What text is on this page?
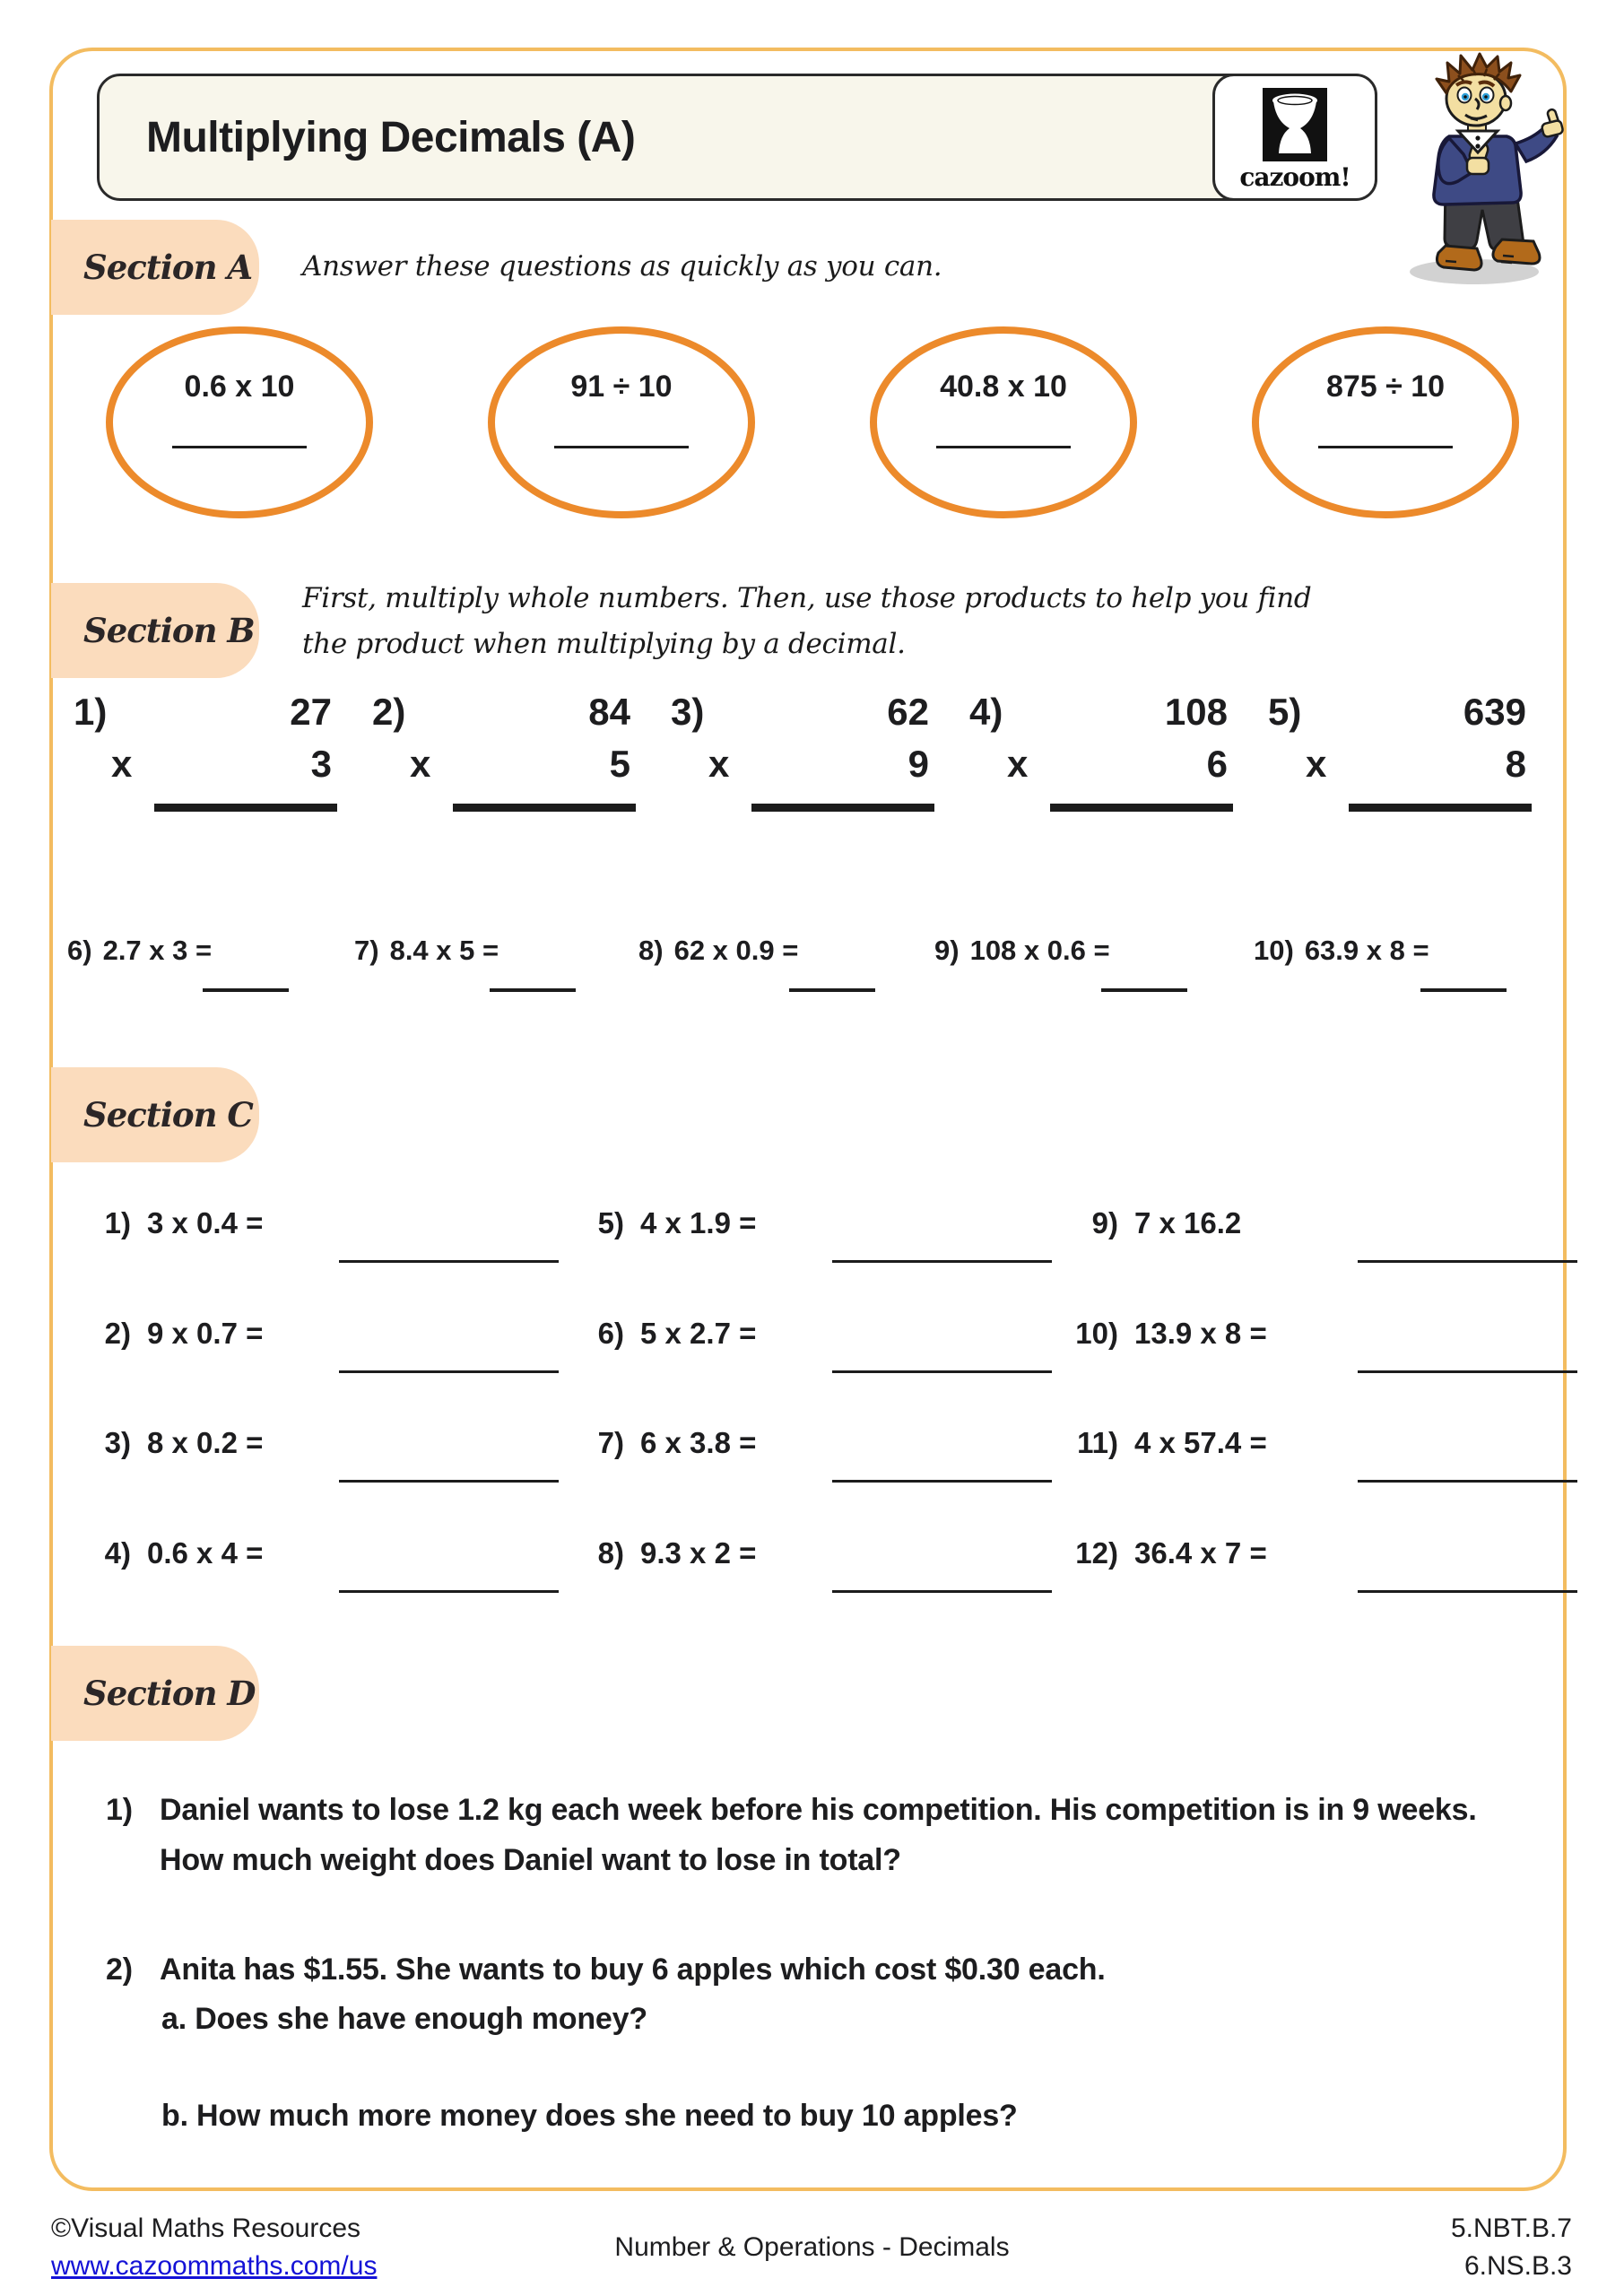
Multiplying Decimals (A)
cazoom!
Section A Answer these questions as quickly as you can.
0.6 x 10	91 ÷ 10	40.8 x 10	875 ÷ 10
Section B
First, multiply whole numbers. Then, use those products to help you find
the product when multiplying by a decimal.
1)	27
x	3
2)	84
x	5
3)	62
x	9
4)	108
x	6
5)	639
x	8
6) 2.7 x 3 =	7) 8.4 x 5 =	8) 62 x 0.9 =	9) 108 x 0.6 =	10) 63.9 x 8 =
Section C
1) 3 x 0.4 =
2) 9 x 0.7 =
3) 8 x 0.2 =
4) 0.6 x 4 =
5) 4 x 1.9 =
6) 5 x 2.7 =
7) 6 x 3.8 =
8) 9.3 x 2 =
9) 7 x 16.2
10) 13.9 x 8 =
11) 4 x 57.4 =
12) 36.4 x 7 =
Section D
1) Daniel wants to lose 1.2 kg each week before his competition. His competition is in 9 weeks. How much weight does Daniel want to lose in total?
2) Anita has $1.55. She wants to buy 6 apples which cost $0.30 each.
a. Does she have enough money?
b. How much more money does she need to buy 10 apples?
©Visual Maths Resources
www.cazoommaths.com/us
Number & Operations - Decimals
5.NBT.B.7
6.NS.B.3
